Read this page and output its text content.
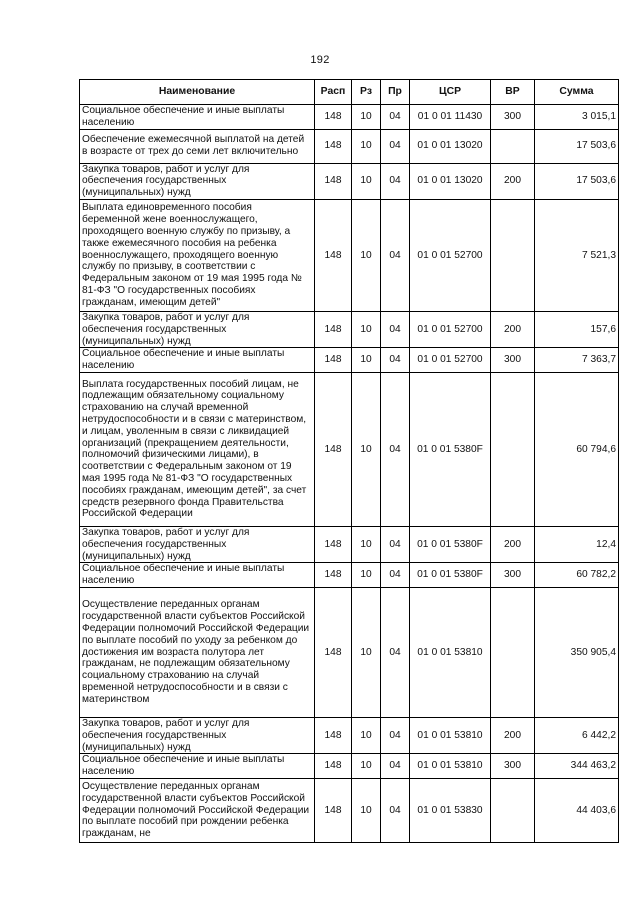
192
Наименование	Расп	Рз	Пр	ЦСР	ВР	Сумма
Социальное обеспечение и иные выплаты населению	148	10	04	01 0 01 11430	300	3 015,1
Обеспечение ежемесячной выплатой на детей в возрасте от трех до семи лет включительно	148	10	04	01 0 01 13020		17 503,6
Закупка товаров, работ и услуг для обеспечения государственных (муниципальных) нужд	148	10	04	01 0 01 13020	200	17 503,6
Выплата единовременного пособия беременной жене военнослужащего, проходящего военную службу по призыву, а также ежемесячного пособия на ребенка военнослужащего, проходящего военную службу по призыву, в соответствии с Федеральным законом от 19 мая 1995 года № 81-ФЗ "О государственных пособиях гражданам, имеющим детей"	148	10	04	01 0 01 52700		7 521,3
Закупка товаров, работ и услуг для обеспечения государственных (муниципальных) нужд	148	10	04	01 0 01 52700	200	157,6
Социальное обеспечение и иные выплаты населению	148	10	04	01 0 01 52700	300	7 363,7
Выплата государственных пособий лицам, не подлежащим обязательному социальному страхованию на случай временной нетрудоспособности и в связи с материнством, и лицам, уволенным в связи с ликвидацией организаций (прекращением деятельности, полномочий физическими лицами), в соответствии с Федеральным законом от 19 мая 1995 года № 81-ФЗ "О государственных пособиях гражданам, имеющим детей", за счет средств резервного фонда Правительства Российской Федерации	148	10	04	01 0 01 5380F		60 794,6
Закупка товаров, работ и услуг для обеспечения государственных (муниципальных) нужд	148	10	04	01 0 01 5380F	200	12,4
Социальное обеспечение и иные выплаты населению	148	10	04	01 0 01 5380F	300	60 782,2
Осуществление переданных органам государственной власти субъектов Российской Федерации полномочий Российской Федерации по выплате пособий по уходу за ребенком до достижения им возраста полутора лет гражданам, не подлежащим обязательному социальному страхованию на случай временной нетрудоспособности и в связи с материнством	148	10	04	01 0 01 53810		350 905,4
Закупка товаров, работ и услуг для обеспечения государственных (муниципальных) нужд	148	10	04	01 0 01 53810	200	6 442,2
Социальное обеспечение и иные выплаты населению	148	10	04	01 0 01 53810	300	344 463,2
Осуществление переданных органам государственной власти субъектов Российской Федерации полномочий Российской Федерации по выплате пособий при рождении ребенка гражданам, не	148	10	04	01 0 01 53830		44 403,6
